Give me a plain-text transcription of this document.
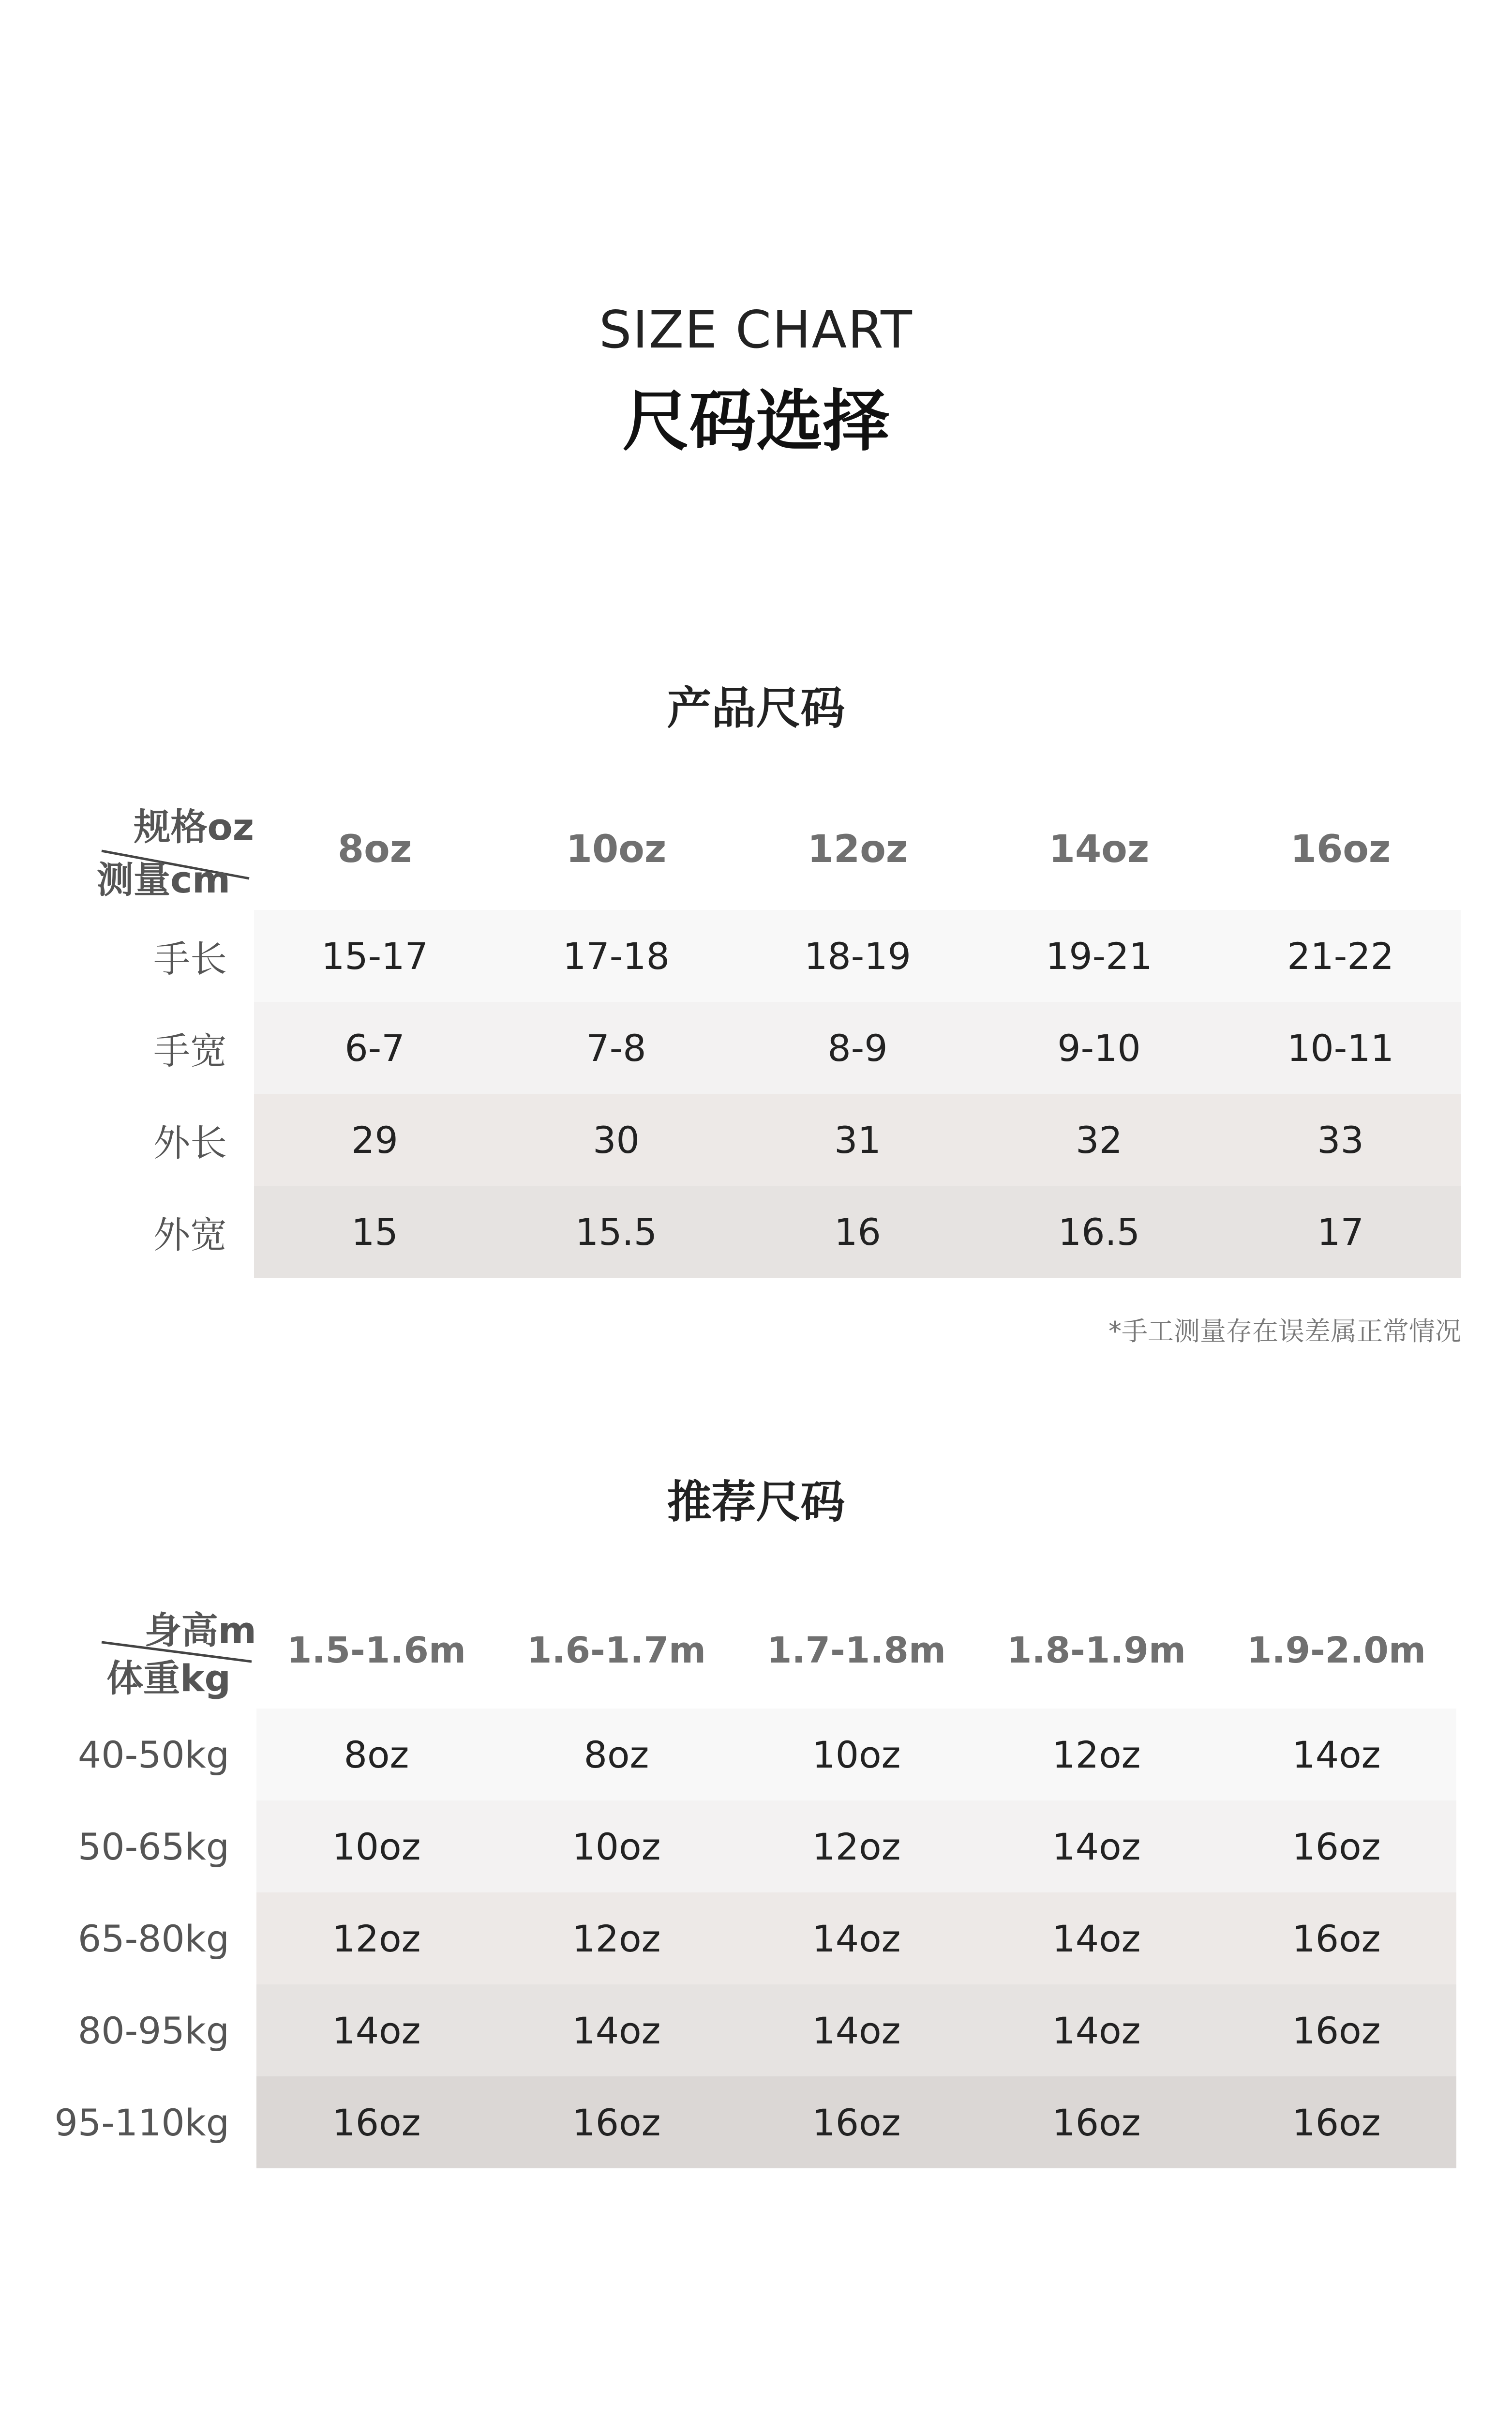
SIZE CHART
尺码选择
产品尺码
规格oz
测量cm	8oz	10oz	12oz	14oz	16oz
手长	15-17	17-18	18-19	19-21	21-22
手宽	6-7	7-8	8-9	9-10	10-11
外长	29	30	31	32	33
外宽	15	15.5	16	16.5	17
*手工测量存在误差属正常情况
推荐尺码
身高m
体重kg	1.5-1.6m	1.6-1.7m	1.7-1.8m	1.8-1.9m	1.9-2.0m
40-50kg	8oz	8oz	10oz	12oz	14oz
50-65kg	10oz	10oz	12oz	14oz	16oz
65-80kg	12oz	12oz	14oz	14oz	16oz
80-95kg	14oz	14oz	14oz	14oz	16oz
95-110kg	16oz	16oz	16oz	16oz	16oz
